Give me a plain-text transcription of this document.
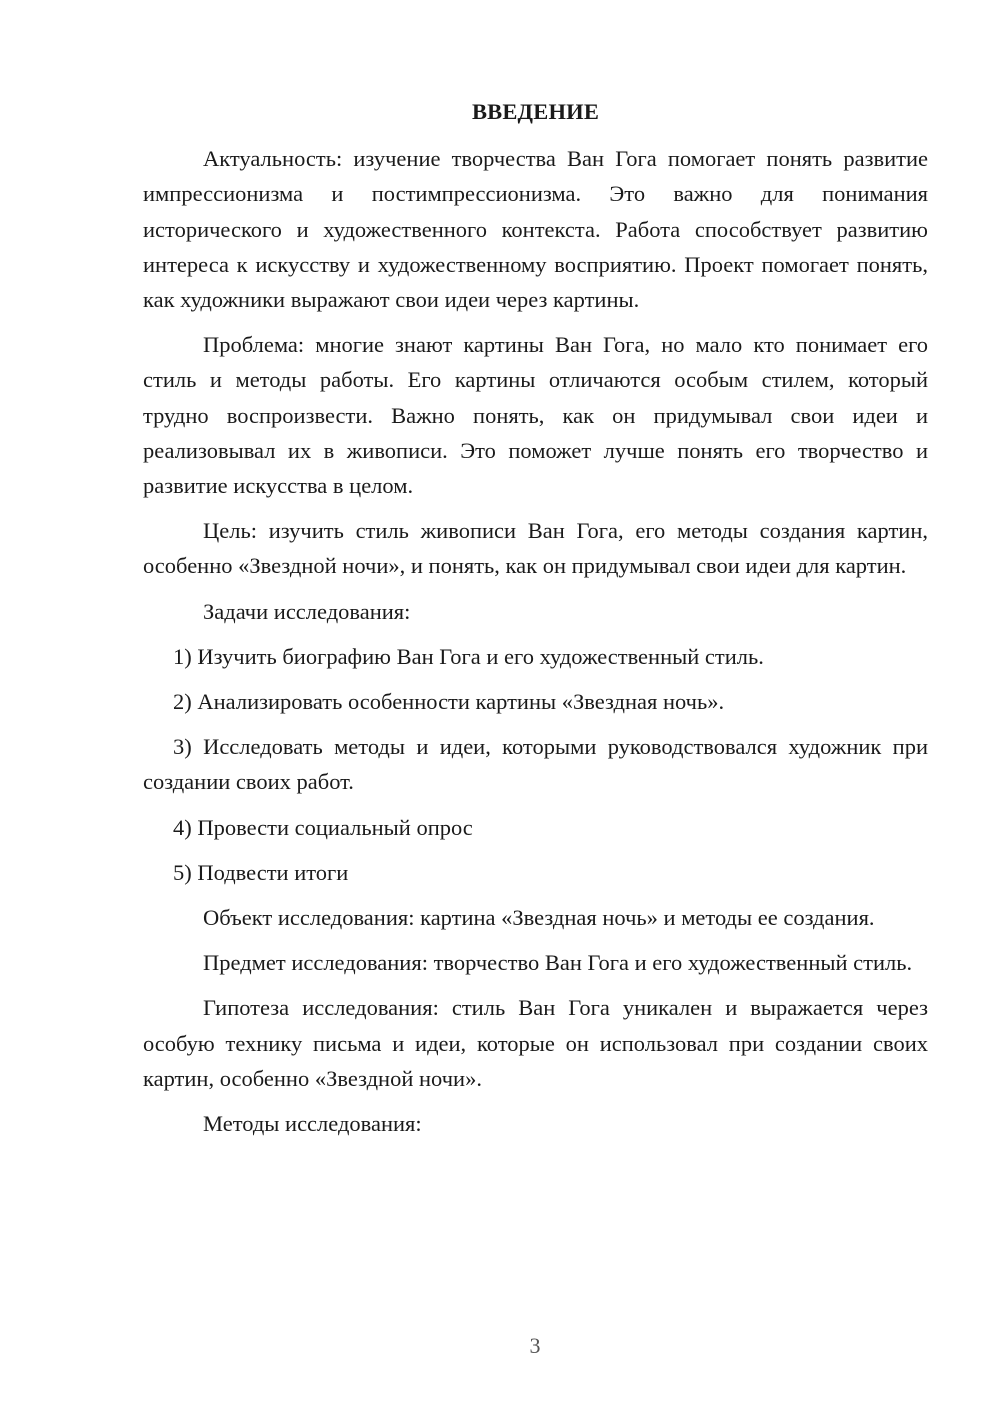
ВВЕДЕНИЕ

Актуальность: изучение творчества Ван Гога помогает понять развитие импрессионизма и постимпрессионизма. Это важно для понимания исторического и художественного контекста. Работа способствует развитию интереса к искусству и художественному восприятию. Проект помогает понять, как художники выражают свои идеи через картины.

Проблема: многие знают картины Ван Гога, но мало кто понимает его стиль и методы работы. Его картины отличаются особым стилем, который трудно воспроизвести. Важно понять, как он придумывал свои идеи и реализовывал их в живописи. Это поможет лучше понять его творчество и развитие искусства в целом.

Цель: изучить стиль живописи Ван Гога, его методы создания картин, особенно «Звездной ночи», и понять, как он придумывал свои идеи для картин.

Задачи исследования:

1) Изучить биографию Ван Гога и его художественный стиль.

2) Анализировать особенности картины «Звездная ночь».

3) Исследовать методы и идеи, которыми руководствовался художник при создании своих работ.

4) Провести социальный опрос

5) Подвести итоги

Объект исследования: картина «Звездная ночь» и методы ее создания.

Предмет исследования: творчество Ван Гога и его художественный стиль.

Гипотеза исследования: стиль Ван Гога уникален и выражается через особую технику письма и идеи, которые он использовал при создании своих картин, особенно «Звездной ночи».

Методы исследования:

3
